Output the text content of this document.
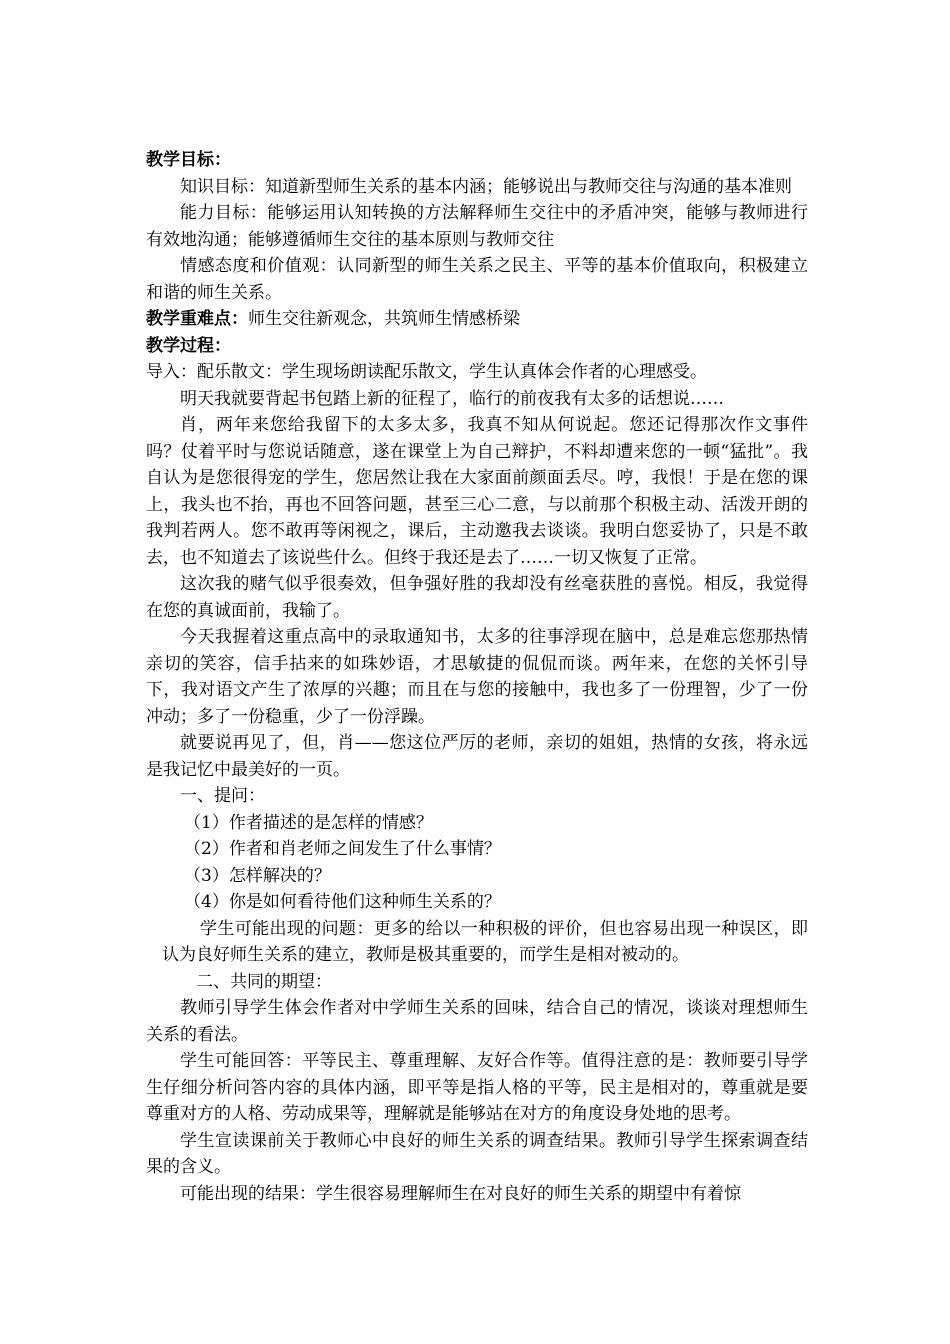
教学目标：

知识目标：知道新型师生关系的基本内涵；能够说出与教师交往与沟通的基本准则

能力目标：能够运用认知转换的方法解释师生交往中的矛盾冲突，能够与教师进行有效地沟通；能够遵循师生交往的基本原则与教师交往

情感态度和价值观：认同新型的师生关系之民主、平等的基本价值取向，积极建立和谐的师生关系。

教学重难点：师生交往新观念，共筑师生情感桥梁

教学过程：

导入：配乐散文：学生现场朗读配乐散文，学生认真体会作者的心理感受。

明天我就要背起书包踏上新的征程了，临行的前夜我有太多的话想说……

肖，两年来您给我留下的太多太多，我真不知从何说起。您还记得那次作文事件吗？仗着平时与您说话随意，遂在课堂上为自己辩护，不料却遭来您的一顿“猛批”。我自认为是您很得宠的学生，您居然让我在大家面前颜面丢尽。哼，我恨！于是在您的课上，我头也不抬，再也不回答问题，甚至三心二意，与以前那个积极主动、活泼开朗的我判若两人。您不敢再等闲视之，课后，主动邀我去谈谈。我明白您妥协了，只是不敢去，也不知道去了该说些什么。但终于我还是去了……一切又恢复了正常。

这次我的赌气似乎很奏效，但争强好胜的我却没有丝毫获胜的喜悦。相反，我觉得在您的真诚面前，我输了。

今天我握着这重点高中的录取通知书，太多的往事浮现在脑中，总是难忘您那热情亲切的笑容，信手拈来的如珠妙语，才思敏捷的侃侃而谈。两年来，在您的关怀引导下，我对语文产生了浓厚的兴趣；而且在与您的接触中，我也多了一份理智，少了一份冲动；多了一份稳重，少了一份浮躁。

就要说再见了，但，肖——您这位严厉的老师，亲切的姐姐，热情的女孩，将永远是我记忆中最美好的一页。

一、提问：

（1）作者描述的是怎样的情感？

（2）作者和肖老师之间发生了什么事情？

（3）怎样解决的？

（4）你是如何看待他们这种师生关系的？

学生可能出现的问题：更多的给以一种积极的评价，但也容易出现一种误区，即认为良好师生关系的建立，教师是极其重要的，而学生是相对被动的。

二、共同的期望：

教师引导学生体会作者对中学师生关系的回味，结合自己的情况，谈谈对理想师生关系的看法。

学生可能回答：平等民主、尊重理解、友好合作等。值得注意的是：教师要引导学生仔细分析问答内容的具体内涵，即平等是指人格的平等，民主是相对的，尊重就是要尊重对方的人格、劳动成果等，理解就是能够站在对方的角度设身处地的思考。

学生宣读课前关于教师心中良好的师生关系的调查结果。教师引导学生探索调查结果的含义。

可能出现的结果：学生很容易理解师生在对良好的师生关系的期望中有着惊
